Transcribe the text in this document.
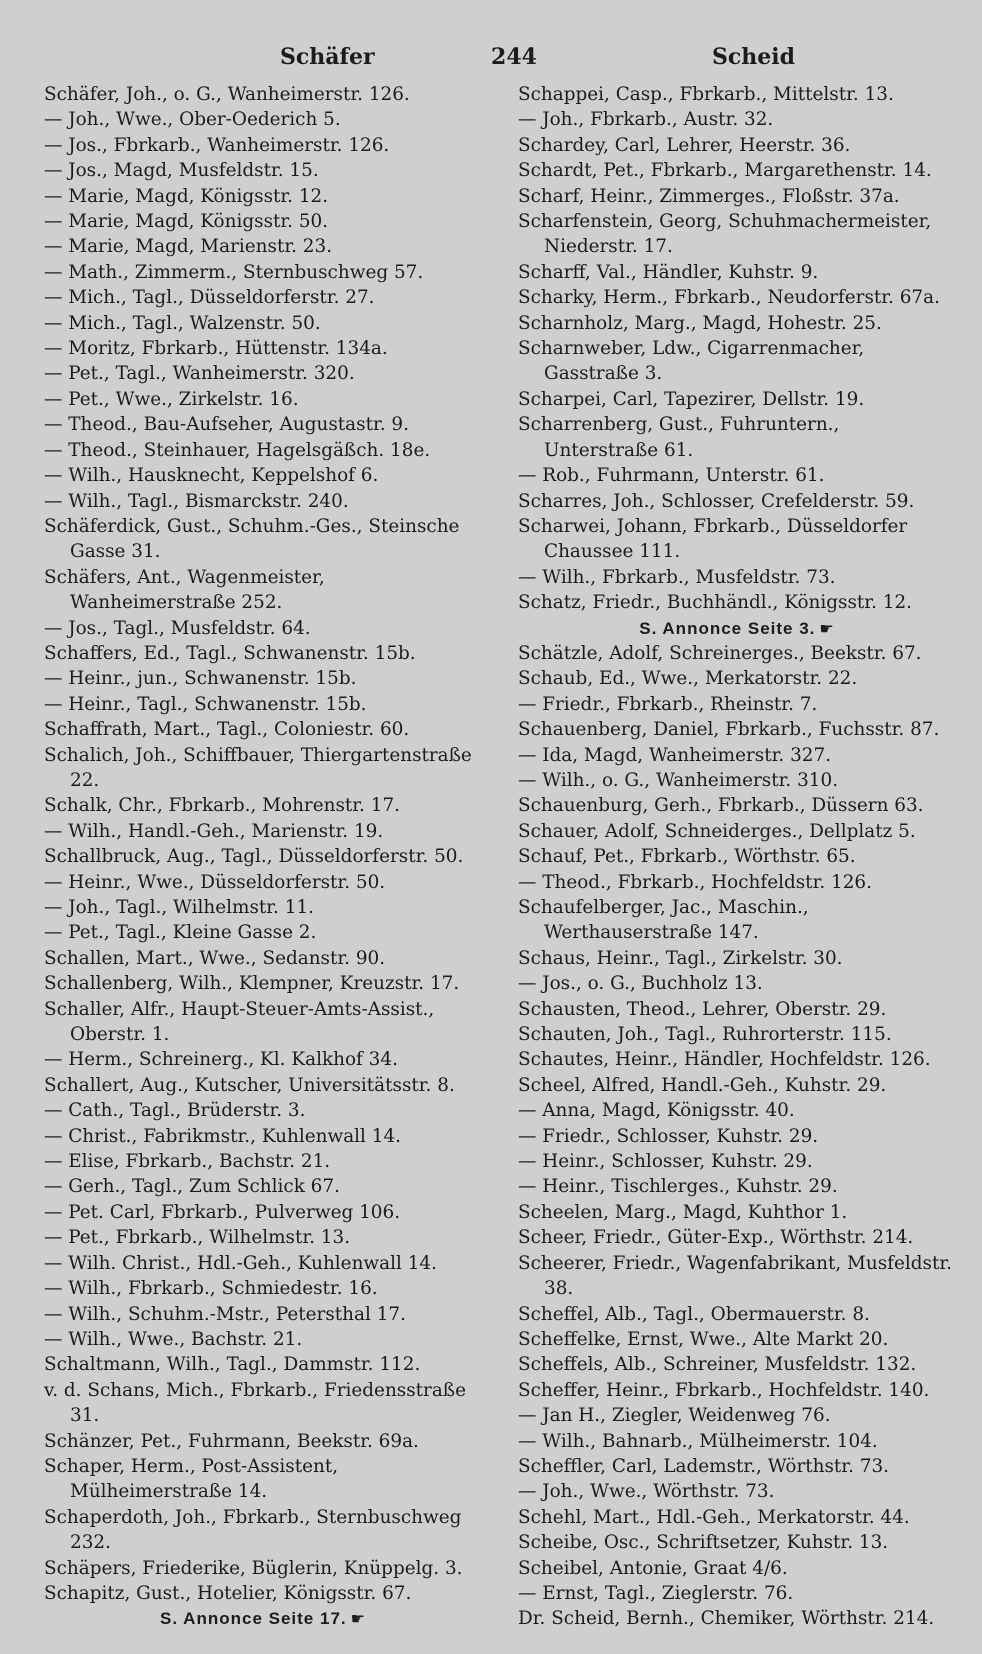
Schäfer	244	Scheid
Schäfer, Joh., o. G., Wanheimerstr. 126.
— Joh., Wwe., Ober-Oederich 5.
— Jos., Fbrkarb., Wanheimerstr. 126.
— Jos., Magd, Musfeldstr. 15.
— Marie, Magd, Königsstr. 12.
— Marie, Magd, Königsstr. 50.
— Marie, Magd, Marienstr. 23.
— Math., Zimmerm., Sternbuschweg 57.
— Mich., Tagl., Düsseldorferstr. 27.
— Mich., Tagl., Walzenstr. 50.
— Moritz, Fbrkarb., Hüttenstr. 134a.
— Pet., Tagl., Wanheimerstr. 320.
— Pet., Wwe., Zirkelstr. 16.
— Theod., Bau-Aufseher, Augustastr. 9.
— Theod., Steinhauer, Hagelsgäßch. 18e.
— Wilh., Hausknecht, Keppelshof 6.
— Wilh., Tagl., Bismarckstr. 240.
Schäferdick, Gust., Schuhm.-Ges., Steinsche Gasse 31.
Schäfers, Ant., Wagenmeister, Wanheimerstraße 252.
— Jos., Tagl., Musfeldstr. 64.
Schaffers, Ed., Tagl., Schwanenstr. 15b.
— Heinr., jun., Schwanenstr. 15b.
— Heinr., Tagl., Schwanenstr. 15b.
Schaffrath, Mart., Tagl., Coloniestr. 60.
Schalich, Joh., Schiffbauer, Thiergartenstraße 22.
Schalk, Chr., Fbrkarb., Mohrenstr. 17.
— Wilh., Handl.-Geh., Marienstr. 19.
Schallbruck, Aug., Tagl., Düsseldorferstr. 50.
— Heinr., Wwe., Düsseldorferstr. 50.
— Joh., Tagl., Wilhelmstr. 11.
— Pet., Tagl., Kleine Gasse 2.
Schallen, Mart., Wwe., Sedanstr. 90.
Schallenberg, Wilh., Klempner, Kreuzstr. 17.
Schaller, Alfr., Haupt-Steuer-Amts-Assist., Oberstr. 1.
— Herm., Schreinerg., Kl. Kalkhof 34.
Schallert, Aug., Kutscher, Universitätsstr. 8.
— Cath., Tagl., Brüderstr. 3.
— Christ., Fabrikmstr., Kuhlenwall 14.
— Elise, Fbrkarb., Bachstr. 21.
— Gerh., Tagl., Zum Schlick 67.
— Pet. Carl, Fbrkarb., Pulverweg 106.
— Pet., Fbrkarb., Wilhelmstr. 13.
— Wilh. Christ., Hdl.-Geh., Kuhlenwall 14.
— Wilh., Fbrkarb., Schmiedestr. 16.
— Wilh., Schuhm.-Mstr., Petersthal 17.
— Wilh., Wwe., Bachstr. 21.
Schaltmann, Wilh., Tagl., Dammstr. 112.
v. d. Schans, Mich., Fbrkarb., Friedensstraße 31.
Schänzer, Pet., Fuhrmann, Beekstr. 69a.
Schaper, Herm., Post-Assistent, Mülheimerstraße 14.
Schaperdoth, Joh., Fbrkarb., Sternbuschweg 232.
Schäpers, Friederike, Büglerin, Knüppelg. 3.
Schapitz, Gust., Hotelier, Königsstr. 67.
S. Annonce Seite 17. ☛
Schappei, Casp., Fbrkarb., Mittelstr. 13.
— Joh., Fbrkarb., Austr. 32.
Schardey, Carl, Lehrer, Heerstr. 36.
Schardt, Pet., Fbrkarb., Margarethenstr. 14.
Scharf, Heinr., Zimmerges., Floßstr. 37a.
Scharfenstein, Georg, Schuhmachermeister, Niederstr. 17.
Scharff, Val., Händler, Kuhstr. 9.
Scharky, Herm., Fbrkarb., Neudorferstr. 67a.
Scharnholz, Marg., Magd, Hohestr. 25.
Scharnweber, Ldw., Cigarrenmacher, Gasstraße 3.
Scharpei, Carl, Tapezirer, Dellstr. 19.
Scharrenberg, Gust., Fuhruntern., Unterstraße 61.
— Rob., Fuhrmann, Unterstr. 61.
Scharres, Joh., Schlosser, Crefelderstr. 59.
Scharwei, Johann, Fbrkarb., Düsseldorfer Chaussee 111.
— Wilh., Fbrkarb., Musfeldstr. 73.
Schatz, Friedr., Buchhändl., Königsstr. 12.
S. Annonce Seite 3. ☛
Schätzle, Adolf, Schreinerges., Beekstr. 67.
Schaub, Ed., Wwe., Merkatorstr. 22.
— Friedr., Fbrkarb., Rheinstr. 7.
Schauenberg, Daniel, Fbrkarb., Fuchsstr. 87.
— Ida, Magd, Wanheimerstr. 327.
— Wilh., o. G., Wanheimerstr. 310.
Schauenburg, Gerh., Fbrkarb., Düssern 63.
Schauer, Adolf, Schneiderges., Dellplatz 5.
Schauf, Pet., Fbrkarb., Wörthstr. 65.
— Theod., Fbrkarb., Hochfeldstr. 126.
Schaufelberger, Jac., Maschin., Werthauserstraße 147.
Schaus, Heinr., Tagl., Zirkelstr. 30.
— Jos., o. G., Buchholz 13.
Schausten, Theod., Lehrer, Oberstr. 29.
Schauten, Joh., Tagl., Ruhrorterstr. 115.
Schautes, Heinr., Händler, Hochfeldstr. 126.
Scheel, Alfred, Handl.-Geh., Kuhstr. 29.
— Anna, Magd, Königsstr. 40.
— Friedr., Schlosser, Kuhstr. 29.
— Heinr., Schlosser, Kuhstr. 29.
— Heinr., Tischlerges., Kuhstr. 29.
Scheelen, Marg., Magd, Kuhthor 1.
Scheer, Friedr., Güter-Exp., Wörthstr. 214.
Scheerer, Friedr., Wagenfabrikant, Musfeldstr. 38.
Scheffel, Alb., Tagl., Obermauerstr. 8.
Scheffelke, Ernst, Wwe., Alte Markt 20.
Scheffels, Alb., Schreiner, Musfeldstr. 132.
Scheffer, Heinr., Fbrkarb., Hochfeldstr. 140.
— Jan H., Ziegler, Weidenweg 76.
— Wilh., Bahnarb., Mülheimerstr. 104.
Scheffler, Carl, Lademstr., Wörthstr. 73.
— Joh., Wwe., Wörthstr. 73.
Schehl, Mart., Hdl.-Geh., Merkatorstr. 44.
Scheibe, Osc., Schriftsetzer, Kuhstr. 13.
Scheibel, Antonie, Graat 4/6.
— Ernst, Tagl., Zieglerstr. 76.
Dr. Scheid, Bernh., Chemiker, Wörthstr. 214.
